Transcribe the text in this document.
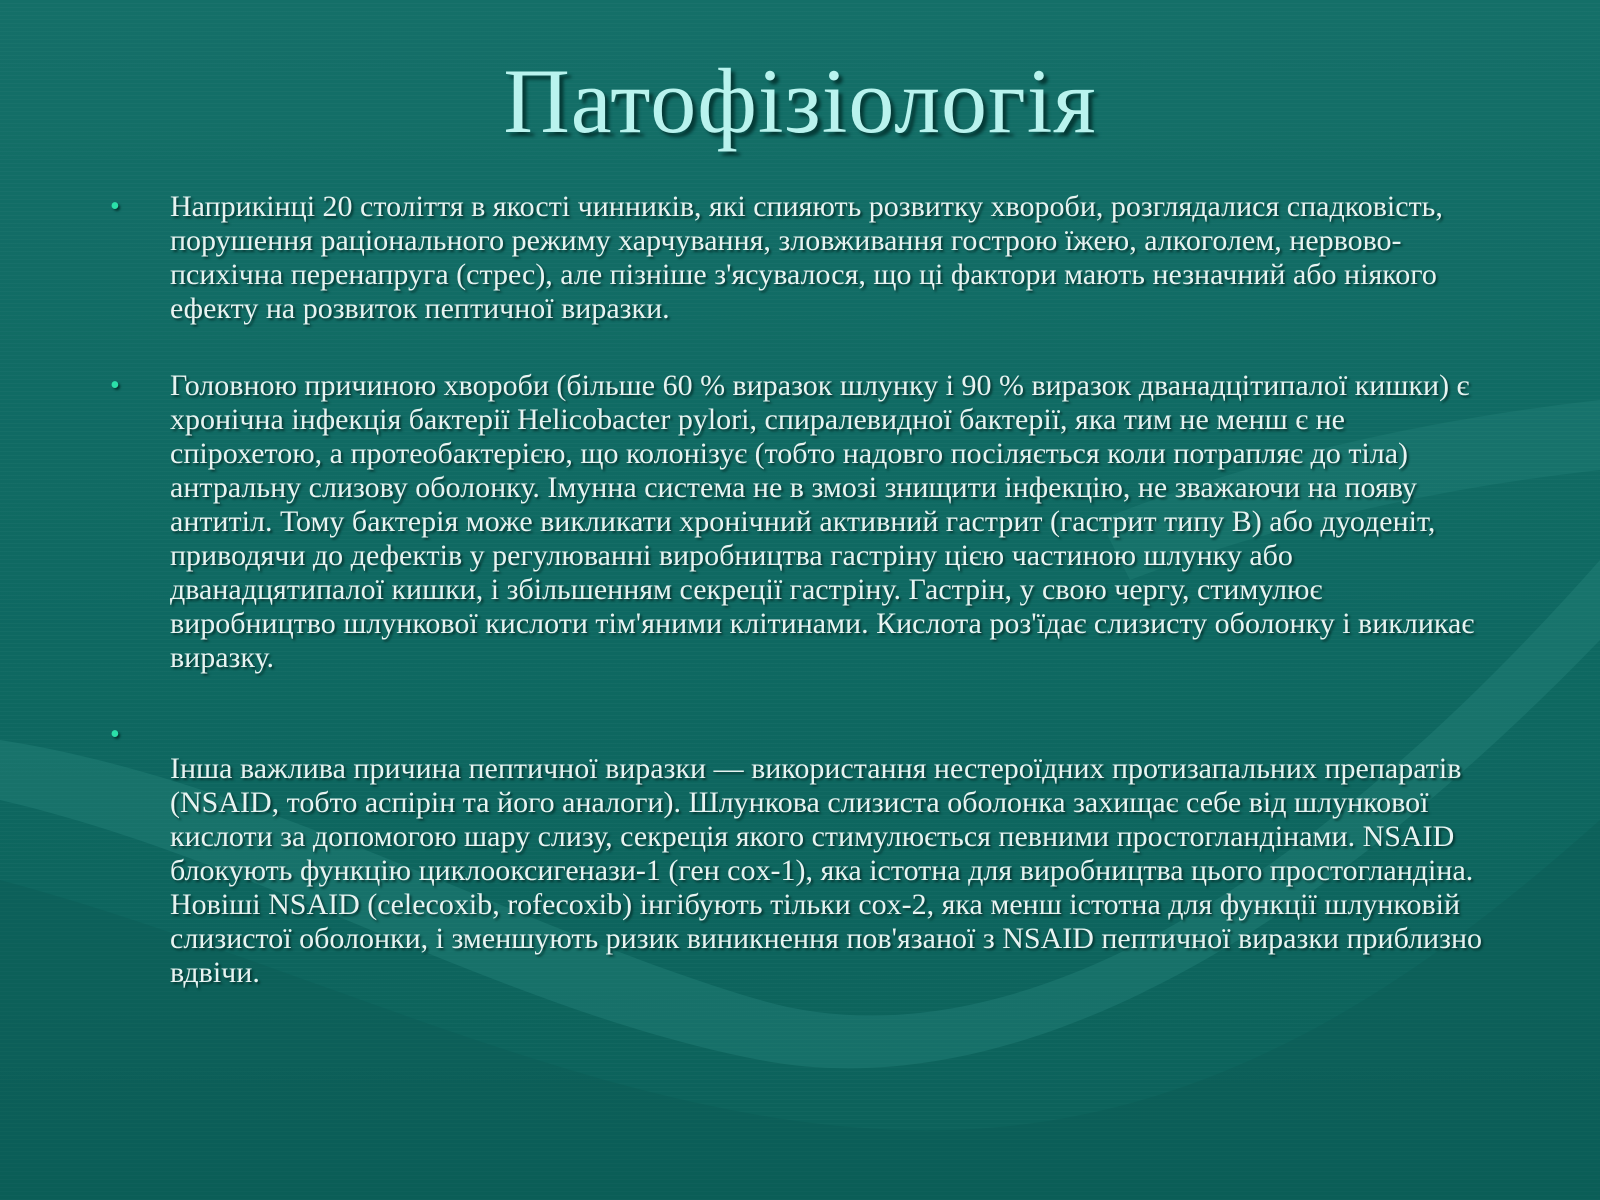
Патофізіологія
• Наприкінці 20 століття в якості чинників, які спияють розвитку хвороби, розглядалися спадковість, порушення раціонального режиму харчування, зловживання гострою їжею, алкоголем, нервово-психічна перенапруга (стрес), але пізніше з'ясувалося, що ці фактори мають незначний або ніякого ефекту на розвиток пептичної виразки.
• Головною причиною хвороби (більше 60 % виразок шлунку і 90 % виразок дванадцітипалої кишки) є хронічна інфекція бактерії Helicobacter pylori, спиралевидної бактерії, яка тим не менш є не спірохетою, а протеобактерією, що колонізує (тобто надовго посіляється коли потрапляє до тіла) антральну слизову оболонку. Імунна система не в змозі знищити інфекцію, не зважаючи на появу антитіл. Тому бактерія може викликати хронічний активний гастрит (гастрит типу B) або дуоденіт, приводячи до дефектів у регулюванні виробництва гастріну цією частиною шлунку або дванадцятипалої кишки, і збільшенням секреції гастріну. Гастрін, у свою чергу, стимулює виробництво шлункової кислоти тім'яними клітинами. Кислота роз'їдає слизисту оболонку і викликає виразку.
•
Інша важлива причина пептичної виразки — використання нестероїдних протизапальних препаратів (NSAID, тобто аспірін та його аналоги). Шлункова слизиста оболонка захищає себе від шлункової кислоти за допомогою шару слизу, секреція якого стимулюється певними простогландінами. NSAID блокують функцію циклооксигенази-1 (ген cox-1), яка істотна для виробництва цього простогландіна. Новіші NSAID (celecoxib, rofecoxib) інгібують тільки cox-2, яка менш істотна для функції шлунковій слизистої оболонки, і зменшують ризик виникнення пов'язаної з NSAID пептичної виразки приблизно вдвічи.
